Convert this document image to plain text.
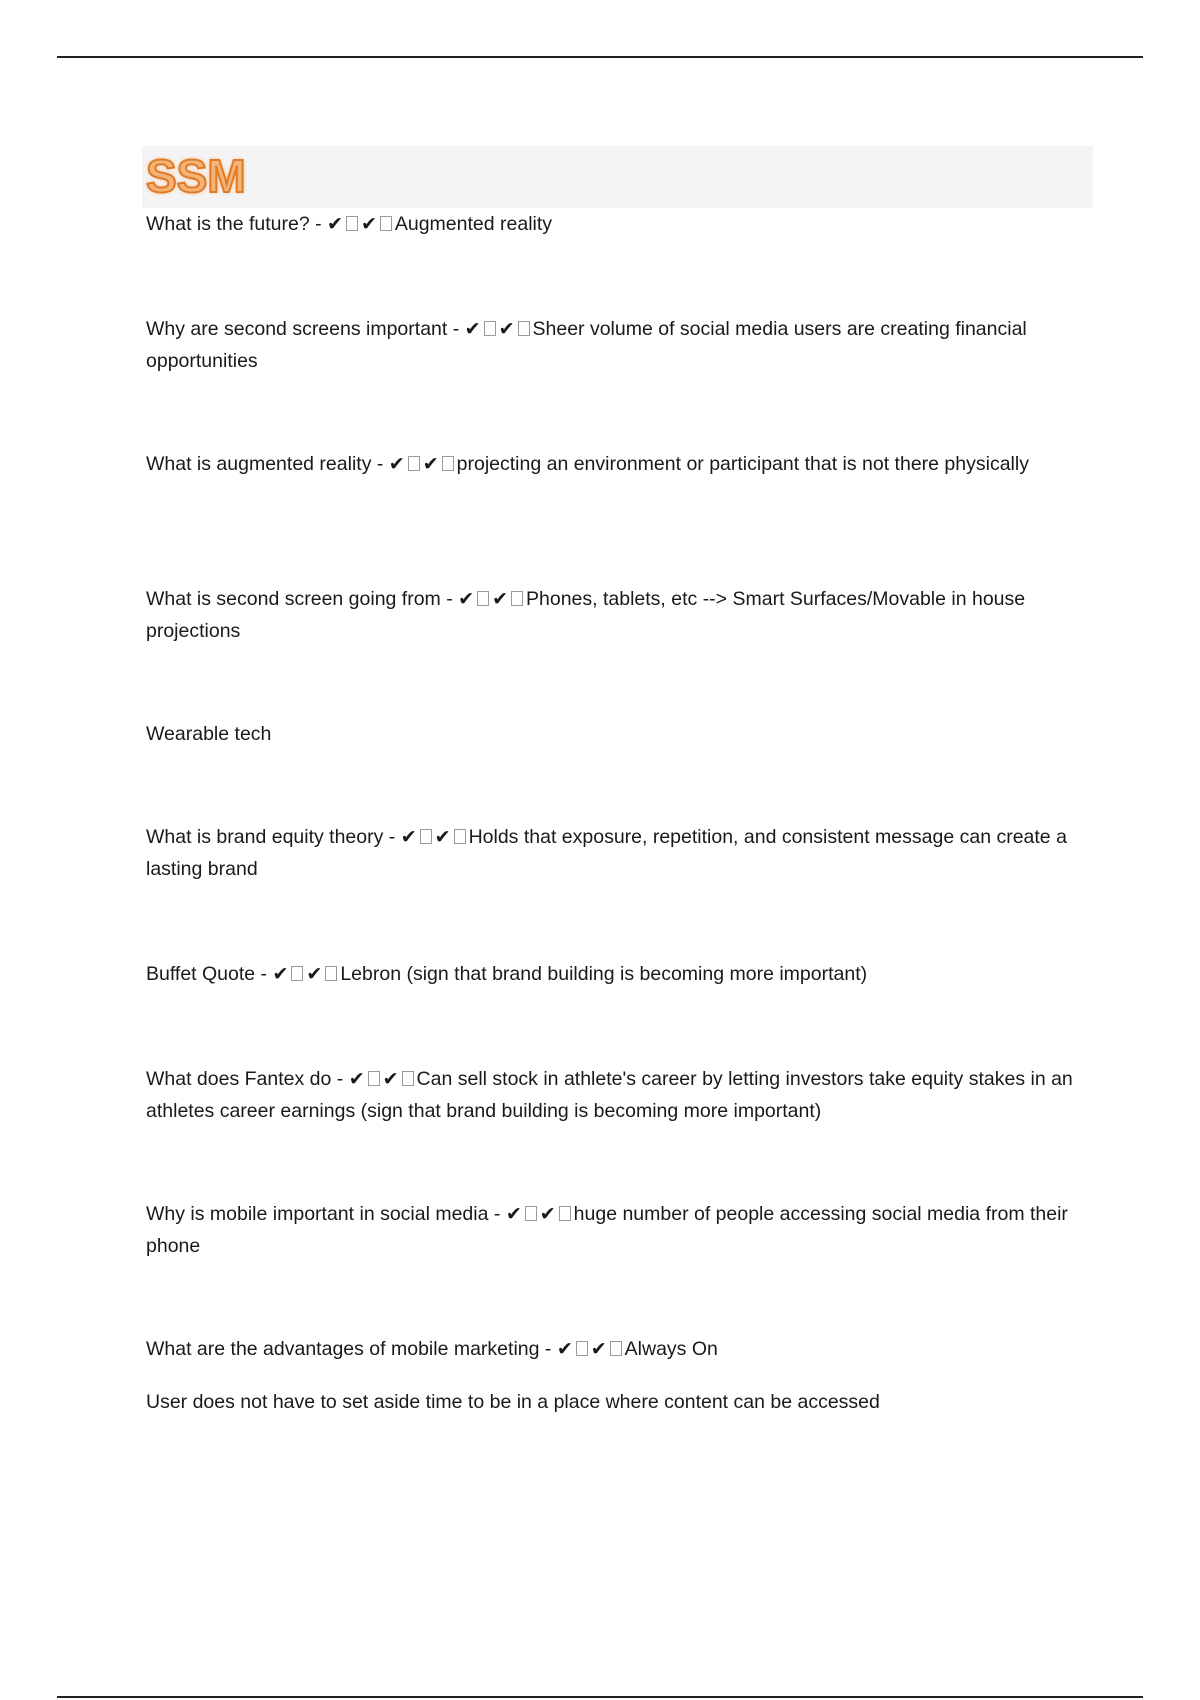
SSM
What is the future? - ✔ ✔ Augmented reality
Why are second screens important - ✔ ✔ Sheer volume of social media users are creating financial opportunities
What is augmented reality - ✔ ✔ projecting an environment or participant that is not there physically
What is second screen going from - ✔ ✔ Phones, tablets, etc --> Smart Surfaces/Movable in house projections
Wearable tech
What is brand equity theory - ✔ ✔ Holds that exposure, repetition, and consistent message can create a lasting brand
Buffet Quote - ✔ ✔ Lebron (sign that brand building is becoming more important)
What does Fantex do - ✔ ✔ Can sell stock in athlete's career by letting investors take equity stakes in an athletes career earnings (sign that brand building is becoming more important)
Why is mobile important in social media - ✔ ✔ huge number of people accessing social media from their phone
What are the advantages of mobile marketing - ✔ ✔ Always On
User does not have to set aside time to be in a place where content can be accessed
